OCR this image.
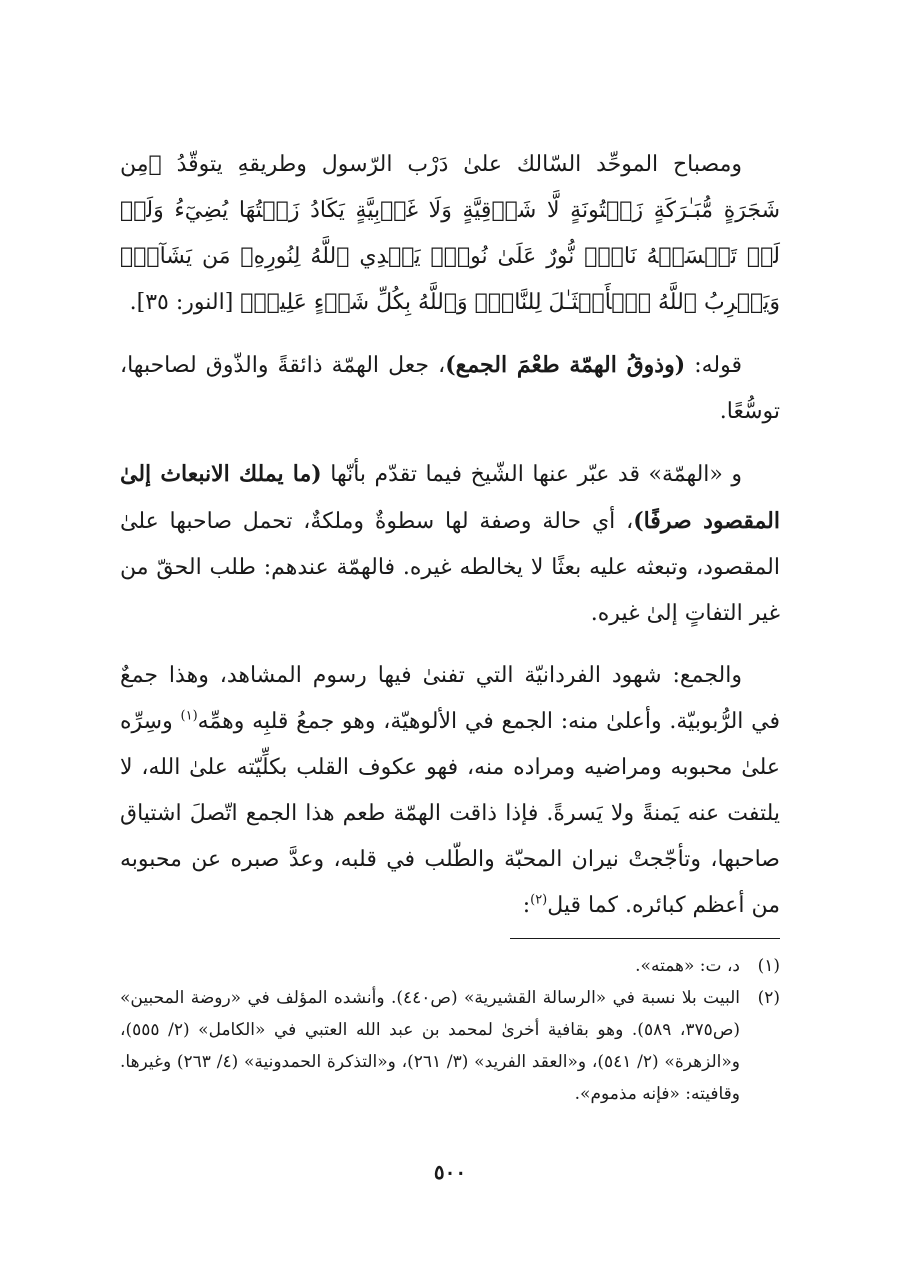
ومصباح الموحِّد السّالك علىٰ دَرْب الرّسول وطريقهِ يتوقّدُ ﴿مِن شَجَرَةٍ مُّبَـٰرَكَةٍ زَيۡتُونَةٍ لَّا شَرۡقِيَّةٍ وَلَا غَرۡبِيَّةٍ يَكَادُ زَيۡتُهَا يُضِيٓءُ وَلَوۡ لَمۡ تَمۡسَسۡهُ نَارٌۚ نُّورٌ عَلَىٰ نُورٍۚ يَهۡدِي ٱللَّهُ لِنُورِهِۦ مَن يَشَآءُۚ وَيَضۡرِبُ ٱللَّهُ ٱلۡأَمۡثَـٰلَ لِلنَّاسِۗ وَٱللَّهُ بِكُلِّ شَيۡءٍ عَلِيمٞ﴾ [النور: ٣٥].

قوله: (وذوقُ الهمّة طعْمَ الجمع)، جعل الهمّة ذائقةً والذّوق لصاحبها، توسُّعًا.

و «الهمّة» قد عبّر عنها الشّيخ فيما تقدّم بأنّها (ما يملك الانبعاث إلىٰ المقصود صرفًا)، أي حالة وصفة لها سطوةٌ وملكةٌ، تحمل صاحبها علىٰ المقصود، وتبعثه عليه بعثًا لا يخالطه غيره. فالهمّة عندهم: طلب الحقّ من غير التفاتٍ إلىٰ غيره.

والجمع: شهود الفردانيّة التي تفنىٰ فيها رسوم المشاهد، وهذا جمعٌ في الرُّبوبيّة. وأعلىٰ منه: الجمع في الألوهيّة، وهو جمعُ قلبِه وهمِّه$^{(١)}$ وسِرِّه علىٰ محبوبه ومراضيه ومراده منه، فهو عكوف القلب بكلِّيّته علىٰ الله، لا يلتفت عنه يَمنةً ولا يَسرةً. فإذا ذاقت الهمّة طعم هذا الجمع اتّصلَ اشتياق صاحبها، وتأجّجتْ نيران المحبّة والطّلب في قلبه، وعدَّ صبره عن محبوبه من أعظم كبائره. كما قيل$^{(٢)}$:

(١)
د، ت: «همته».
(٢)
البيت بلا نسبة في «الرسالة القشيرية» (ص٤٤٠). وأنشده المؤلف في «روضة المحبين» (ص٣٧٥، ٥٨٩). وهو بقافية أخرىٰ لمحمد بن عبد الله العتبي في «الكامل» (٢/ ٥٥٥)، و«الزهرة» (٢/ ٥٤١)، و«العقد الفريد» (٣/ ٢٦١)، و«التذكرة الحمدونية» (٤/ ٢٦٣) وغيرها. وقافيته: «فإنه مذموم».
٥٠٠
